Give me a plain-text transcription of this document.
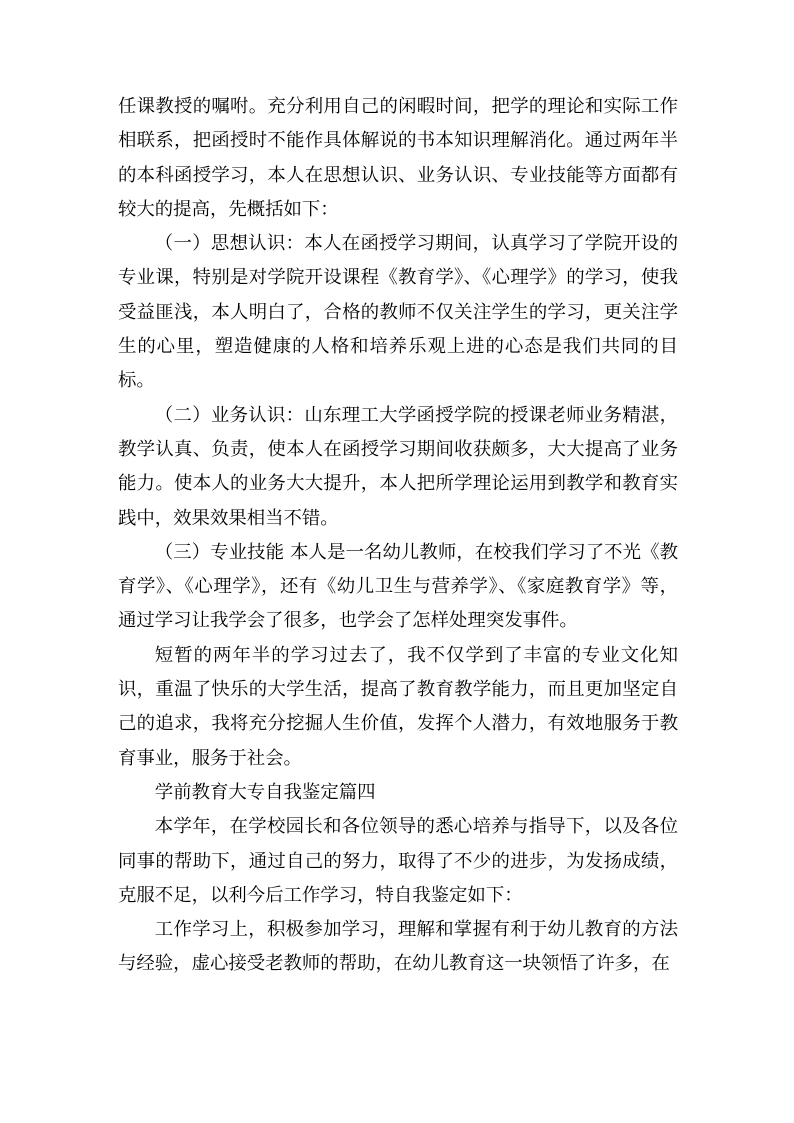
任课教授的嘱咐。充分利用自己的闲暇时间，把学的理论和实际工作相联系，把函授时不能作具体解说的书本知识理解消化。通过两年半的本科函授学习，本人在思想认识、业务认识、专业技能等方面都有较大的提高，先概括如下：

（一）思想认识：本人在函授学习期间，认真学习了学院开设的专业课，特别是对学院开设课程《教育学》、《心理学》的学习，使我受益匪浅，本人明白了，合格的教师不仅关注学生的学习，更关注学生的心里，塑造健康的人格和培养乐观上进的心态是我们共同的目标。

（二）业务认识：山东理工大学函授学院的授课老师业务精湛，教学认真、负责，使本人在函授学习期间收获颇多，大大提高了业务能力。使本人的业务大大提升，本人把所学理论运用到教学和教育实践中，效果效果相当不错。

（三）专业技能 本人是一名幼儿教师，在校我们学习了不光《教育学》、《心理学》，还有《幼儿卫生与营养学》、《家庭教育学》等，通过学习让我学会了很多，也学会了怎样处理突发事件。

短暂的两年半的学习过去了，我不仅学到了丰富的专业文化知识，重温了快乐的大学生活，提高了教育教学能力，而且更加坚定自己的追求，我将充分挖掘人生价值，发挥个人潜力，有效地服务于教育事业，服务于社会。

学前教育大专自我鉴定篇四

本学年，在学校园长和各位领导的悉心培养与指导下，以及各位同事的帮助下，通过自己的努力，取得了不少的进步，为发扬成绩，克服不足，以利今后工作学习，特自我鉴定如下：

工作学习上，积极参加学习，理解和掌握有利于幼儿教育的方法与经验，虚心接受老教师的帮助，在幼儿教育这一块领悟了许多，在
